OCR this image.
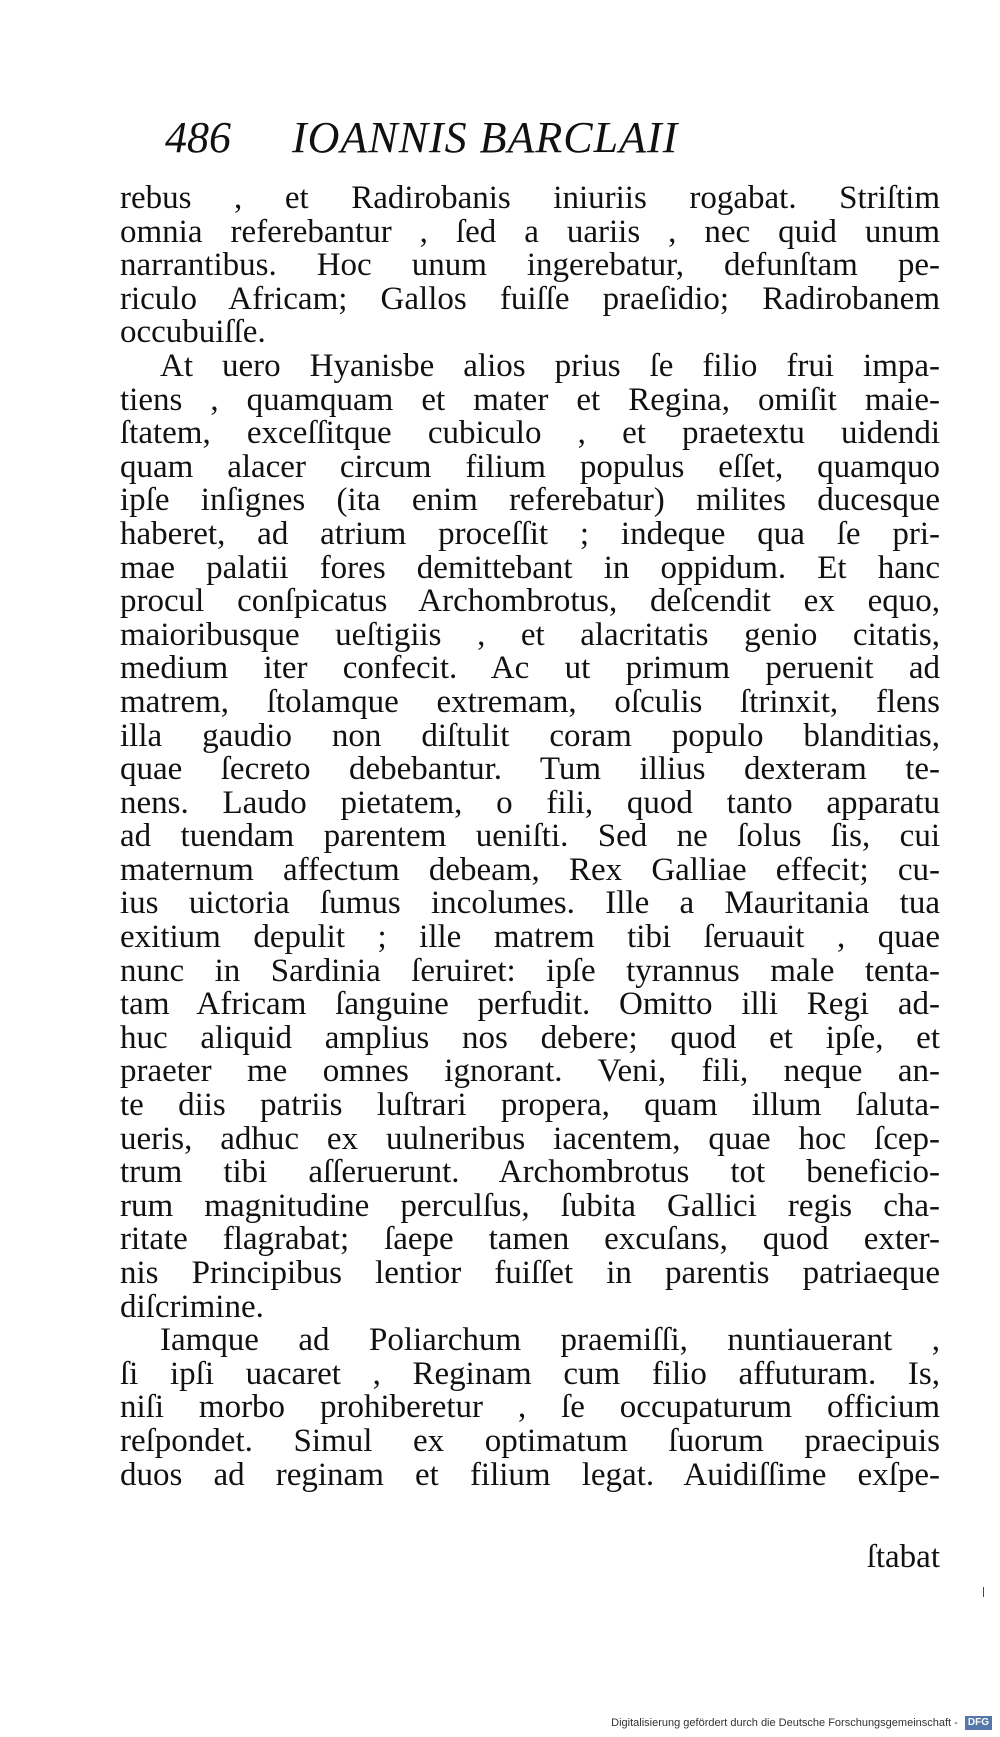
486 IOANNIS BARCLAII
rebus , et Radirobanis iniuriis rogabat. Striſtim
omnia referebantur , ſed a uariis , nec quid unum
narrantibus. Hoc unum ingerebatur, defunſtam pe-
riculo Africam; Gallos fuiſſe praeſidio; Radirobanem
occubuiſſe.
At uero Hyanisbe alios prius ſe filio frui impa-
tiens , quamquam et mater et Regina, omiſit maie-
ſtatem, exceſſitque cubiculo , et praetextu uidendi
quam alacer circum filium populus eſſet, quamquo
ipſe inſignes (ita enim referebatur) milites ducesque
haberet, ad atrium proceſſit ; indeque qua ſe pri-
mae palatii fores demittebant in oppidum. Et hanc
procul conſpicatus Archombrotus, deſcendit ex equo,
maioribusque ueſtigiis , et alacritatis genio citatis,
medium iter confecit. Ac ut primum peruenit ad
matrem, ſtolamque extremam, oſculis ſtrinxit, flens
illa gaudio non diſtulit coram populo blanditias,
quae ſecreto debebantur. Tum illius dexteram te-
nens. Laudo pietatem, o fili, quod tanto apparatu
ad tuendam parentem ueniſti. Sed ne ſolus ſis, cui
maternum affectum debeam, Rex Galliae effecit; cu-
ius uictoria ſumus incolumes. Ille a Mauritania tua
exitium depulit ; ille matrem tibi ſeruauit , quae
nunc in Sardinia ſeruiret: ipſe tyrannus male tenta-
tam Africam ſanguine perfudit. Omitto illi Regi ad-
huc aliquid amplius nos debere; quod et ipſe, et
praeter me omnes ignorant. Veni, fili, neque an-
te diis patriis luſtrari propera, quam illum ſaluta-
ueris, adhuc ex uulneribus iacentem, quae hoc ſcep-
trum tibi aſſeruerunt. Archombrotus tot beneficio-
rum magnitudine perculſus, ſubita Gallici regis cha-
ritate flagrabat; ſaepe tamen excuſans, quod exter-
nis Principibus lentior fuiſſet in parentis patriaeque
diſcrimine.
Iamque ad Poliarchum praemiſſi, nuntiauerant ,
ſi ipſi uacaret , Reginam cum filio affuturam. Is,
niſi morbo prohiberetur , ſe occupaturum officium
reſpondet. Simul ex optimatum ſuorum praecipuis
duos ad reginam et filium legat. Auidiſſime exſpe-
ſtabat
Digitalisierung gefördert durch die Deutsche Forschungsgemeinschaft - DFG
